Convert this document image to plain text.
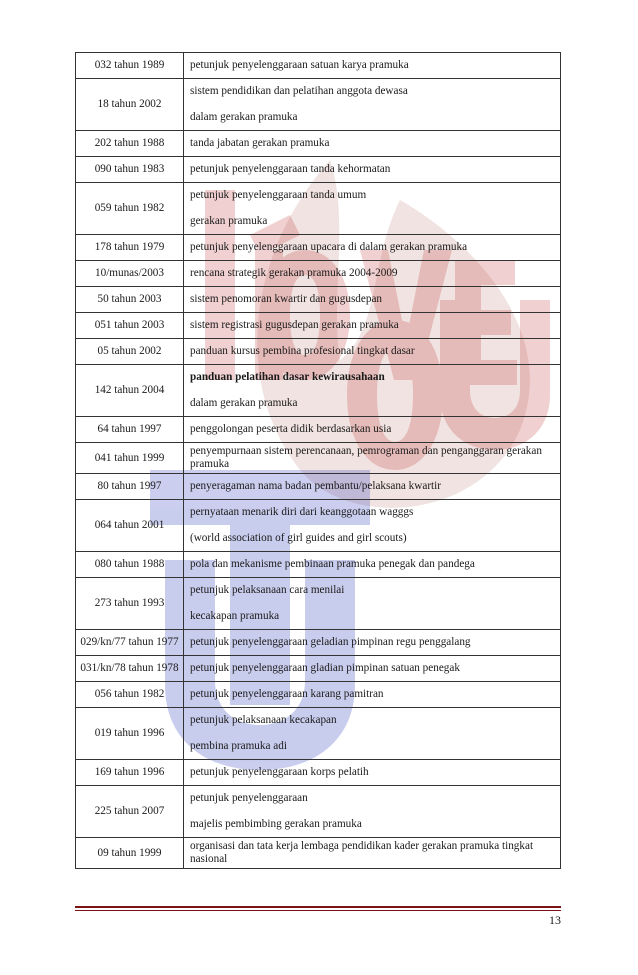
032 tahun 1989	petunjuk penyelenggaraan satuan karya pramuka
18 tahun 2002	sistem pendidikan dan pelatihan anggota dewasa
dalam gerakan pramuka

202 tahun 1988	tanda jabatan gerakan pramuka
090 tahun 1983	petunjuk penyelenggaraan tanda kehormatan
059 tahun 1982	petunjuk penyelenggaraan tanda umum
gerakan pramuka

178 tahun 1979	petunjuk penyelenggaraan upacara di dalam gerakan pramuka
10/munas/2003	rencana strategik gerakan pramuka 2004-2009
50 tahun 2003	sistem penomoran kwartir dan gugusdepan
051 tahun 2003	sistem registrasi gugusdepan gerakan pramuka
05 tahun 2002	panduan kursus pembina profesional tingkat dasar
142 tahun 2004	panduan pelatihan dasar kewirausahaan
dalam gerakan pramuka

64 tahun 1997	penggolongan peserta didik berdasarkan usia
041 tahun 1999	penyempurnaan sistem perencanaan, pemrograman dan penganggaran gerakan pramuka
80 tahun 1997	penyeragaman nama badan pembantu/pelaksana kwartir
064 tahun 2001	pernyataan menarik diri dari keanggotaan wagggs
(world association of girl guides and girl scouts)

080 tahun 1988	pola dan mekanisme pembinaan pramuka penegak dan pandega
273 tahun 1993	petunjuk pelaksanaan cara menilai
kecakapan pramuka

029/kn/77 tahun 1977	petunjuk penyelenggaraan geladian pimpinan regu penggalang
031/kn/78 tahun 1978	petunjuk penyelenggaraan gladian pimpinan satuan penegak
056 tahun 1982	petunjuk penyelenggaraan karang pamitran
019 tahun 1996	petunjuk pelaksanaan kecakapan
pembina pramuka adi

169 tahun 1996	petunjuk penyelenggaraan korps pelatih
225 tahun 2007	petunjuk penyelenggaraan
majelis pembimbing gerakan pramuka

09 tahun 1999	organisasi dan tata kerja lembaga pendidikan kader gerakan pramuka tingkat nasional
13
